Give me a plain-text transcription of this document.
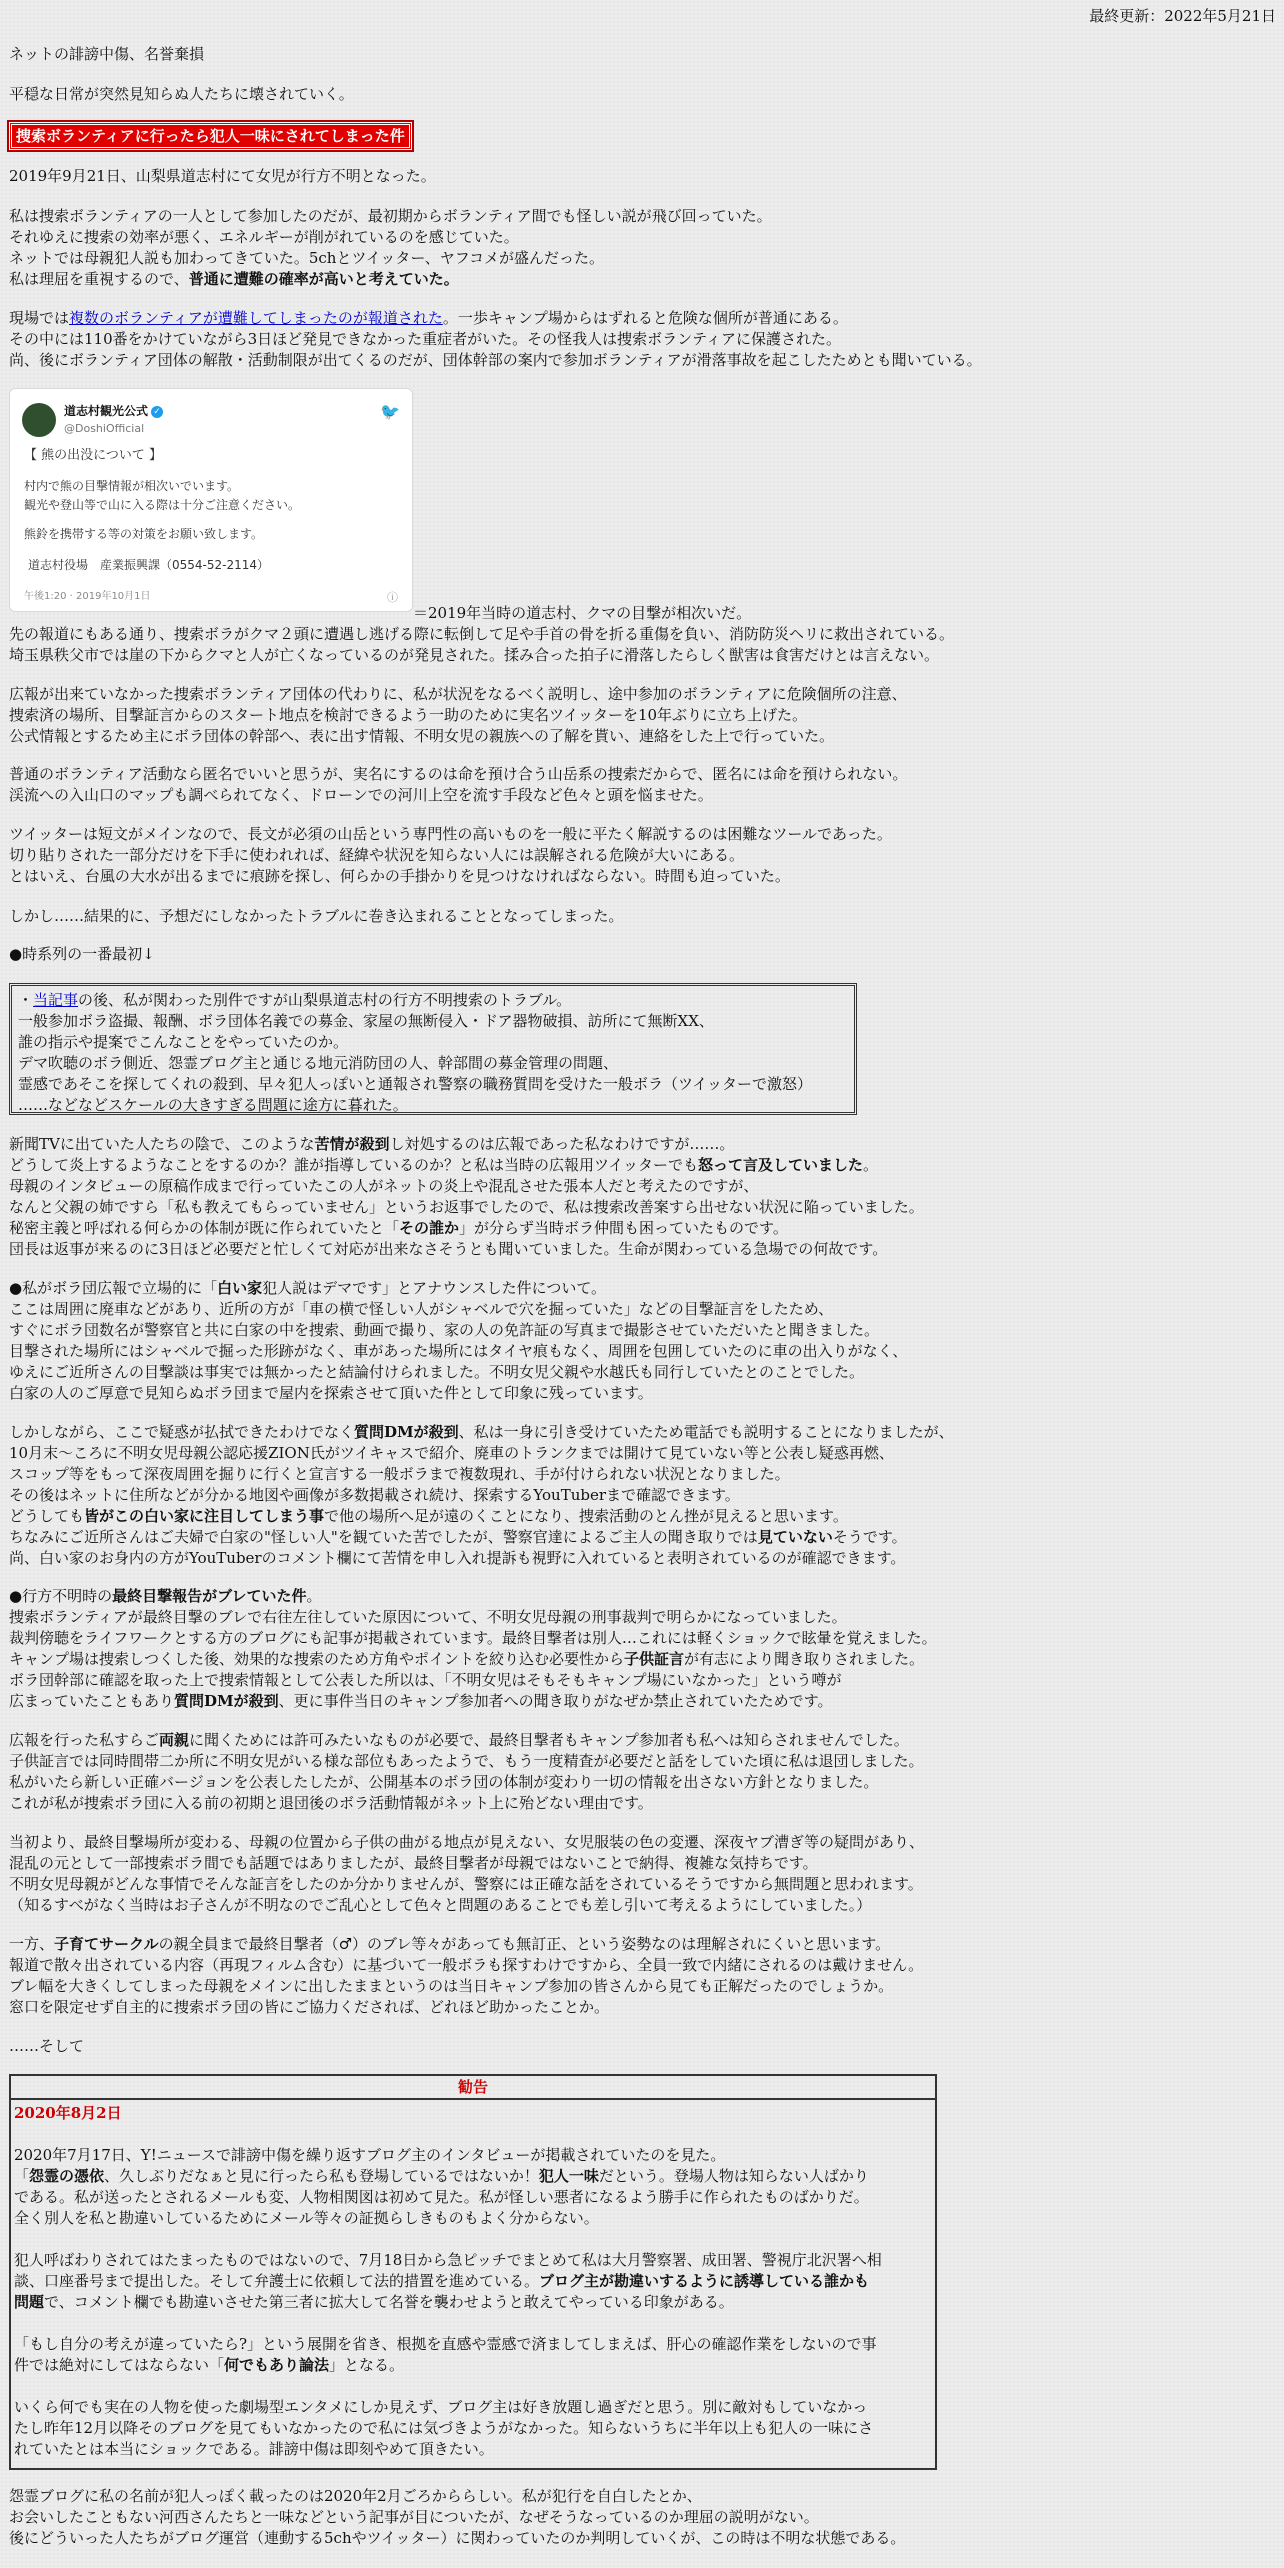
最終更新：2022年5月21日
ネットの誹謗中傷、名誉棄損
平穏な日常が突然見知らぬ人たちに壊されていく。
捜索ボランティアに行ったら犯人一味にされてしまった件

2019年9月21日、山梨県道志村にて女児が行方不明となった。

私は捜索ボランティアの一人として参加したのだが、最初期からボランティア間でも怪しい説が飛び回っていた。

それゆえに捜索の効率が悪く、エネルギーが削がれているのを感じていた。

ネットでは母親犯人説も加わってきていた。5chとツイッター、ヤフコメが盛んだった。

私は理屈を重視するので、普通に遭難の確率が高いと考えていた。

現場では複数のボランティアが遭難してしまったのが報道された。一歩キャンプ場からはずれると危険な個所が普通にある。

その中には110番をかけていながら3日ほど発見できなかった重症者がいた。その怪我人は捜索ボランティアに保護された。

尚、後にボランティア団体の解散・活動制限が出てくるのだが、団体幹部の案内で参加ボランティアが滑落事故を起こしたためとも聞いている。

道志村観光公式 ✓
@DoshiOfficial
🐦
【 熊の出没について 】
村内で熊の目撃情報が相次いでいます。
観光や登山等で山に入る際は十分ご注意ください。
熊鈴を携帯する等の対策をお願い致します。
道志村役場　産業振興課（0554-52-2114）
午後1:20 · 2019年10月1日	ⓘ
＝2019年当時の道志村、クマの目撃が相次いだ。

先の報道にもある通り、捜索ボラがクマ２頭に遭遇し逃げる際に転倒して足や手首の骨を折る重傷を負い、消防防災ヘリに救出されている。

埼玉県秩父市では崖の下からクマと人が亡くなっているのが発見された。揉み合った拍子に滑落したらしく獣害は食害だけとは言えない。

広報が出来ていなかった捜索ボランティア団体の代わりに、私が状況をなるべく説明し、途中参加のボランティアに危険個所の注意、

捜索済の場所、目撃証言からのスタート地点を検討できるよう一助のために実名ツイッターを10年ぶりに立ち上げた。

公式情報とするため主にボラ団体の幹部へ、表に出す情報、不明女児の親族への了解を貰い、連絡をした上で行っていた。

普通のボランティア活動なら匿名でいいと思うが、実名にするのは命を預け合う山岳系の捜索だからで、匿名には命を預けられない。

渓流への入山口のマップも調べられてなく、ドローンでの河川上空を流す手段など色々と頭を悩ませた。

ツイッターは短文がメインなので、長文が必須の山岳という専門性の高いものを一般に平たく解説するのは困難なツールであった。

切り貼りされた一部分だけを下手に使われれば、経緯や状況を知らない人には誤解される危険が大いにある。

とはいえ、台風の大水が出るまでに痕跡を探し、何らかの手掛かりを見つけなければならない。時間も迫っていた。

しかし……結果的に、予想だにしなかったトラブルに巻き込まれることとなってしまった。

●時系列の一番最初↓

・当記事の後、私が関わった別件ですが山梨県道志村の行方不明捜索のトラブル。

一般参加ボラ盗撮、報酬、ボラ団体名義での募金、家屋の無断侵入・ドア器物破損、訪所にて無断XX、

誰の指示や提案でこんなことをやっていたのか。

デマ吹聴のボラ側近、怨霊ブログ主と通じる地元消防団の人、幹部間の募金管理の問題、

霊感であそこを探してくれの殺到、早々犯人っぽいと通報され警察の職務質問を受けた一般ボラ（ツイッターで激怒）

……などなどスケールの大きすぎる問題に途方に暮れた。

新聞TVに出ていた人たちの陰で、このような苦情が殺到し対処するのは広報であった私なわけですが……。

どうして炎上するようなことをするのか？誰が指導しているのか？と私は当時の広報用ツイッターでも怒って言及していました。

母親のインタビューの原稿作成まで行っていたこの人がネットの炎上や混乱させた張本人だと考えたのですが、

なんと父親の姉ですら「私も教えてもらっていません」というお返事でしたので、私は捜索改善案すら出せない状況に陥っていました。

秘密主義と呼ばれる何らかの体制が既に作られていたと「その誰か」が分らず当時ボラ仲間も困っていたものです。

団長は返事が来るのに3日ほど必要だと忙しくて対応が出来なさそうとも聞いていました。生命が関わっている急場での何故です。

●私がボラ団広報で立場的に「白い家犯人説はデマです」とアナウンスした件について。

ここは周囲に廃車などがあり、近所の方が「車の横で怪しい人がシャベルで穴を掘っていた」などの目撃証言をしたため、

すぐにボラ団数名が警察官と共に白家の中を捜索、動画で撮り、家の人の免許証の写真まで撮影させていただいたと聞きました。

目撃された場所にはシャベルで掘った形跡がなく、車があった場所にはタイヤ痕もなく、周囲を包囲していたのに車の出入りがなく、

ゆえにご近所さんの目撃談は事実では無かったと結論付けられました。不明女児父親や水越氏も同行していたとのことでした。

白家の人のご厚意で見知らぬボラ団まで屋内を探索させて頂いた件として印象に残っています。

しかしながら、ここで疑惑が払拭できたわけでなく質問DMが殺到、私は一身に引き受けていたため電話でも説明することになりましたが、

10月末～ころに不明女児母親公認応援ZION氏がツイキャスで紹介、廃車のトランクまでは開けて見ていない等と公表し疑惑再燃、

スコップ等をもって深夜周囲を掘りに行くと宣言する一般ボラまで複数現れ、手が付けられない状況となりました。

その後はネットに住所などが分かる地図や画像が多数掲載され続け、探索するYouTuberまで確認できます。

どうしても皆がこの白い家に注目してしまう事で他の場所へ足が遠のくことになり、捜索活動のとん挫が見えると思います。

ちなみにご近所さんはご夫婦で白家の"怪しい人"を観ていた苦でしたが、警察官達によるご主人の聞き取りでは見ていないそうです。

尚、白い家のお身内の方がYouTuberのコメント欄にて苦情を申し入れ提訴も視野に入れていると表明されているのが確認できます。

●行方不明時の最終目撃報告がブレていた件。

捜索ボランティアが最終目撃のブレで右往左往していた原因について、不明女児母親の刑事裁判で明らかになっていました。

裁判傍聴をライフワークとする方のブログにも記事が掲載されています。最終目撃者は別人…これには軽くショックで眩暈を覚えました。

キャンプ場は捜索しつくした後、効果的な捜索のため方角やポイントを絞り込む必要性から子供証言が有志により聞き取りされました。

ボラ団幹部に確認を取った上で捜索情報として公表した所以は、「不明女児はそもそもキャンプ場にいなかった」という噂が

広まっていたこともあり質問DMが殺到、更に事件当日のキャンプ参加者への聞き取りがなぜか禁止されていたためです。

広報を行った私すらご両親に聞くためには許可みたいなものが必要で、最終目撃者もキャンプ参加者も私へは知らされませんでした。

子供証言では同時間帯二か所に不明女児がいる様な部位もあったようで、もう一度精査が必要だと話をしていた頃に私は退団しました。

私がいたら新しい正確バージョンを公表したしたが、公開基本のボラ団の体制が変わり一切の情報を出さない方針となりました。

これが私が捜索ボラ団に入る前の初期と退団後のボラ活動情報がネット上に殆どない理由です。

当初より、最終目撃場所が変わる、母親の位置から子供の曲がる地点が見えない、女児服装の色の変遷、深夜ヤブ漕ぎ等の疑問があり、

混乱の元として一部捜索ボラ間でも話題ではありましたが、最終目撃者が母親ではないことで納得、複雑な気持ちです。

不明女児母親がどんな事情でそんな証言をしたのか分かりませんが、警察には正確な話をされているそうですから無問題と思われます。

（知るすべがなく当時はお子さんが不明なのでご乱心として色々と問題のあることでも差し引いて考えるようにしていました。）

一方、子育てサークルの親全員まで最終目撃者（♂）のブレ等々があっても無訂正、という姿勢なのは理解されにくいと思います。

報道で散々出されている内容（再現フィルム含む）に基づいて一般ボラも探すわけですから、全員一致で内緒にされるのは戴けません。

ブレ幅を大きくしてしまった母親をメインに出したままというのは当日キャンプ参加の皆さんから見ても正解だったのでしょうか。

窓口を限定せず自主的に捜索ボラ団の皆にご協力くだされば、どれほど助かったことか。

……そして

勧告

2020年8月2日

2020年7月17日、Y!ニュースで誹謗中傷を繰り返すブログ主のインタビューが掲載されていたのを見た。

「怨霊の憑依、久しぶりだなぁと見に行ったら私も登場しているではないか！犯人一味だという。登場人物は知らない人ばかり

である。私が送ったとされるメールも変、人物相関図は初めて見た。私が怪しい悪者になるよう勝手に作られたものばかりだ。

全く別人を私と勘違いしているためにメール等々の証拠らしきものもよく分からない。

犯人呼ばわりされてはたまったものではないので、7月18日から急ピッチでまとめて私は大月警察署、成田署、警視庁北沢署へ相

談、口座番号まで提出した。そして弁護士に依頼して法的措置を進めている。ブログ主が勘違いするように誘導している誰かも

問題で、コメント欄でも勘違いさせた第三者に拡大して名誉を襲わせようと敢えてやっている印象がある。

「もし自分の考えが違っていたら?」という展開を省き、根拠を直感や霊感で済ましてしまえば、肝心の確認作業をしないので事

件では絶対にしてはならない「何でもあり論法」となる。

いくら何でも実在の人物を使った劇場型エンタメにしか見えず、ブログ主は好き放題し過ぎだと思う。別に敵対もしていなかっ

たし昨年12月以降そのブログを見てもいなかったので私には気づきようがなかった。知らないうちに半年以上も犯人の一味にさ

れていたとは本当にショックである。誹謗中傷は即刻やめて頂きたい。

怨霊ブログに私の名前が犯人っぽく載ったのは2020年2月ごろかららしい。私が犯行を自白したとか、

お会いしたこともない河西さんたちと一味などという記事が目についたが、なぜそうなっているのか理屈の説明がない。

後にどういった人たちがブログ運営（連動する5chやツイッター）に関わっていたのか判明していくが、この時は不明な状態である。
